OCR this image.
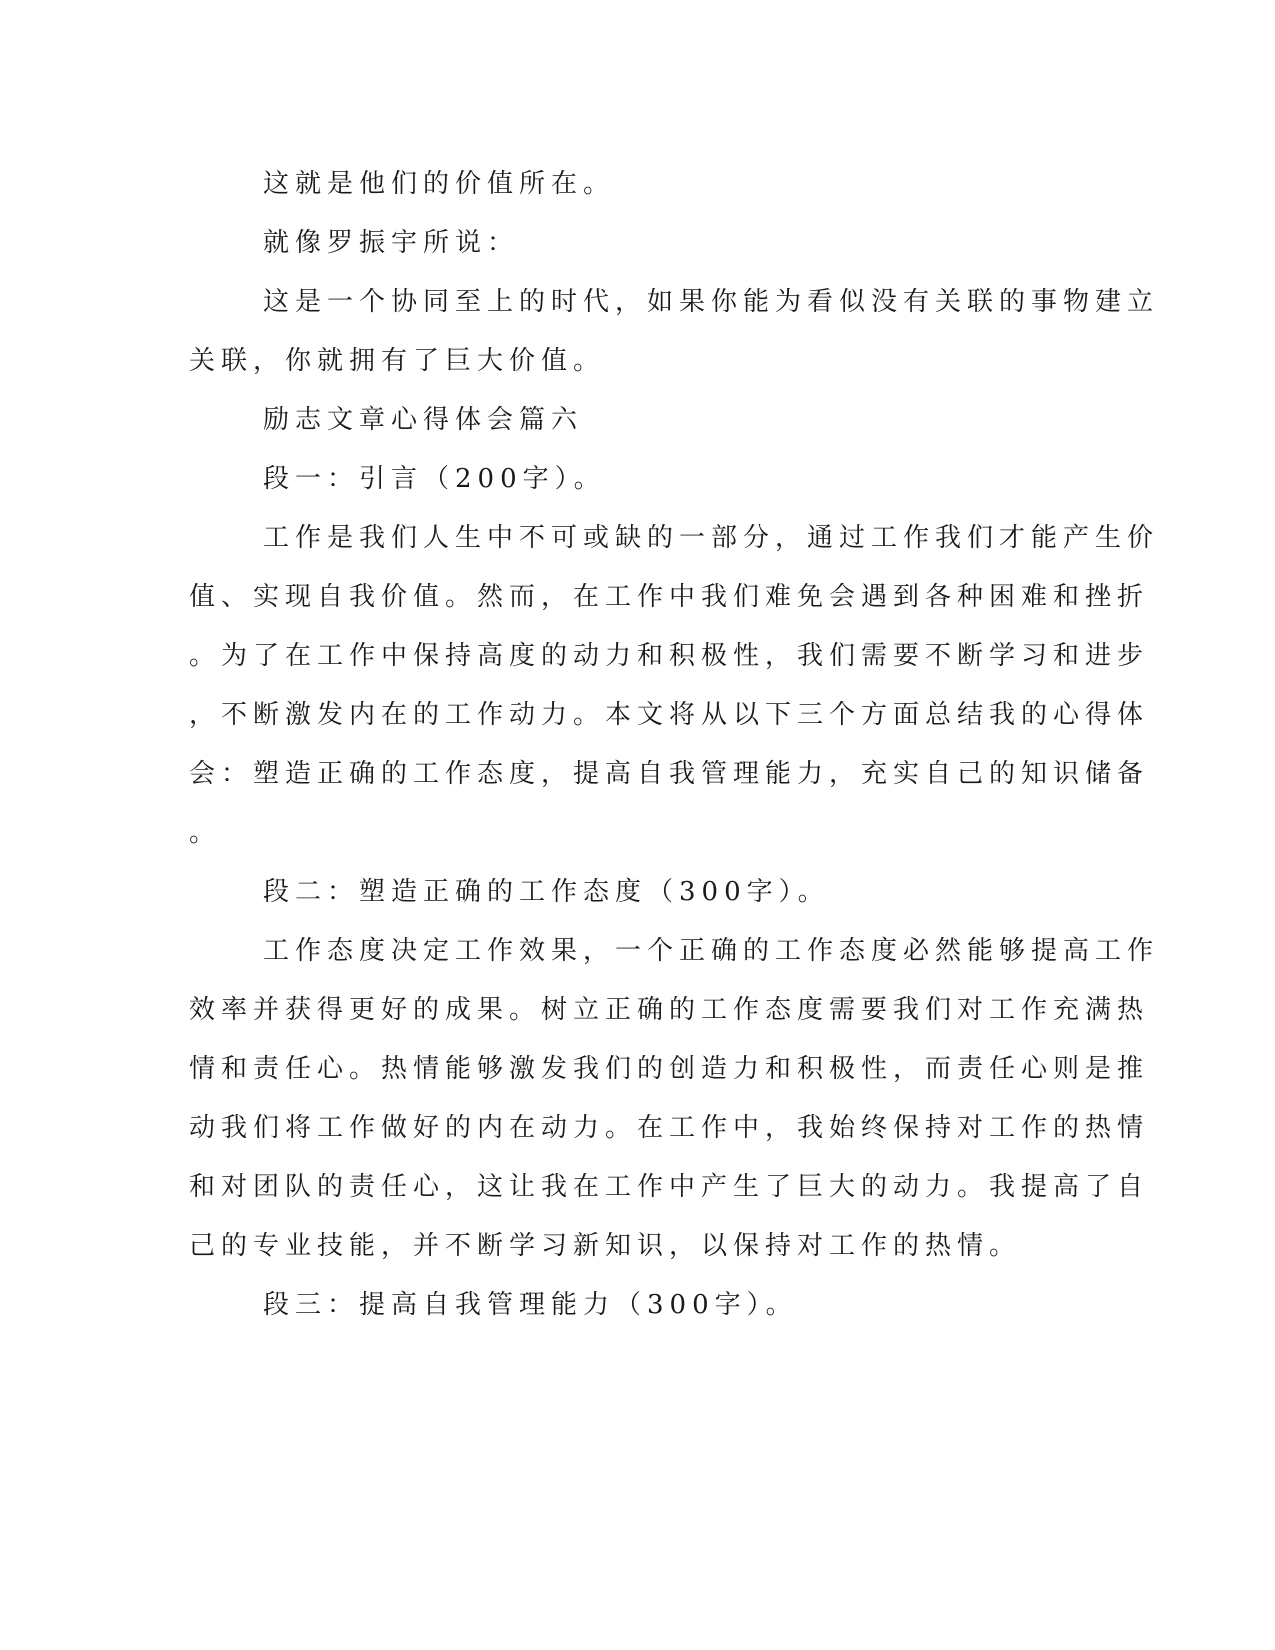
这就是他们的价值所在。

就像罗振宇所说：

这是一个协同至上的时代，如果你能为看似没有关联的事物建立

关联，你就拥有了巨大价值。

励志文章心得体会篇六

段一：引言（200字）。

工作是我们人生中不可或缺的一部分，通过工作我们才能产生价

值、实现自我价值。然而，在工作中我们难免会遇到各种困难和挫折

。为了在工作中保持高度的动力和积极性，我们需要不断学习和进步

，不断激发内在的工作动力。本文将从以下三个方面总结我的心得体

会：塑造正确的工作态度，提高自我管理能力，充实自己的知识储备

。

段二：塑造正确的工作态度（300字）。

工作态度决定工作效果，一个正确的工作态度必然能够提高工作

效率并获得更好的成果。树立正确的工作态度需要我们对工作充满热

情和责任心。热情能够激发我们的创造力和积极性，而责任心则是推

动我们将工作做好的内在动力。在工作中，我始终保持对工作的热情

和对团队的责任心，这让我在工作中产生了巨大的动力。我提高了自

己的专业技能，并不断学习新知识，以保持对工作的热情。

段三：提高自我管理能力（300字）。
